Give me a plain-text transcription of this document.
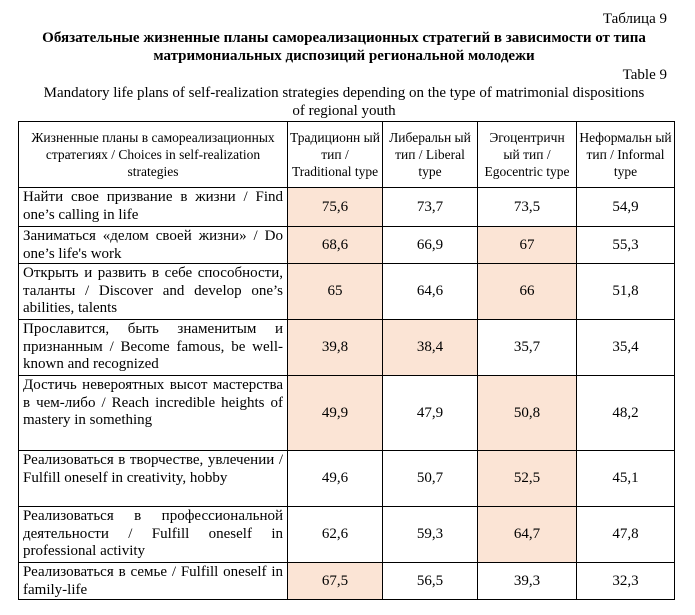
Таблица 9
Обязательные жизненные планы самореализационных стратегий в зависимости от типа
матримониальных диспозиций региональной молодежи
Table 9
Mandatory life plans of self-realization strategies depending on the type of matrimonial dispositions
of regional youth
Жизненные планы в самореализационных стратегиях / Choices in self-realization strategies	Традиционн ый тип / Traditional type	Либеральн ый тип / Liberal type	Эгоцентричн ый тип / Egocentric type	Неформальн ый тип / Informal type
Найти свое призвание в жизни / Find one’s calling in life	75,6	73,7	73,5	54,9
Заниматься «делом своей жизни» / Do one’s life's work	68,6	66,9	67	55,3
Открыть и развить в себе способности, таланты / Discover and develop one’s abilities, talents	65	64,6	66	51,8
Прославится, быть знаменитым и признанным / Become famous, be well-known and recognized	39,8	38,4	35,7	35,4
Достичь невероятных высот мастерства в чем-либо / Reach incredible heights of mastery in something	49,9	47,9	50,8	48,2
Реализоваться в творчестве, увлечении / Fulfill oneself in creativity, hobby	49,6	50,7	52,5	45,1
Реализоваться в профессиональной деятельности / Fulfill oneself in professional activity	62,6	59,3	64,7	47,8
Реализоваться в семье / Fulfill oneself in family-life	67,5	56,5	39,3	32,3
